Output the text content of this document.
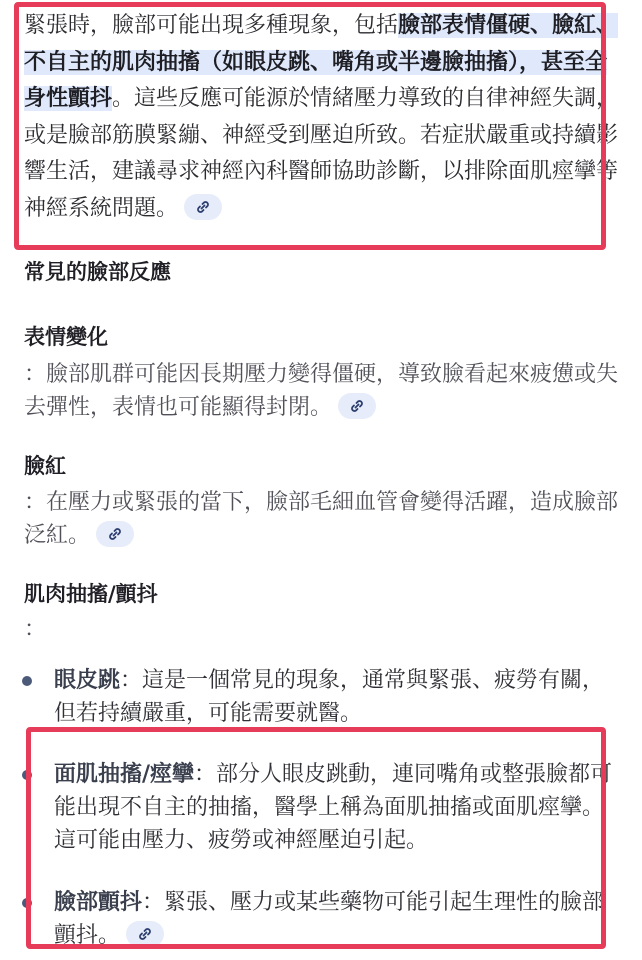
緊張時，臉部可能出現多種現象，包括臉部表情僵硬、臉紅、不自主的肌肉抽搐（如眼皮跳、嘴角或半邊臉抽搐），甚至全身性顫抖。這些反應可能源於情緒壓力導致的自律神經失調，或是臉部筋膜緊繃、神經受到壓迫所致。若症狀嚴重或持續影響生活，建議尋求神經內科醫師協助診斷，以排除面肌痙攣等神經系統問題。

常見的臉部反應
表情變化

：臉部肌群可能因長期壓力變得僵硬，導致臉看起來疲憊或失去彈性，表情也可能顯得封閉。

臉紅

：在壓力或緊張的當下，臉部毛細血管會變得活躍，造成臉部泛紅。

肌肉抽搐/顫抖

：

眼皮跳：這是一個常見的現象，通常與緊張、疲勞有關，但若持續嚴重，可能需要就醫。

面肌抽搐/痙攣：部分人眼皮跳動，連同嘴角或整張臉都可能出現不自主的抽搐，醫學上稱為面肌抽搐或面肌痙攣。這可能由壓力、疲勞或神經壓迫引起。

臉部顫抖：緊張、壓力或某些藥物可能引起生理性的臉部顫抖。
